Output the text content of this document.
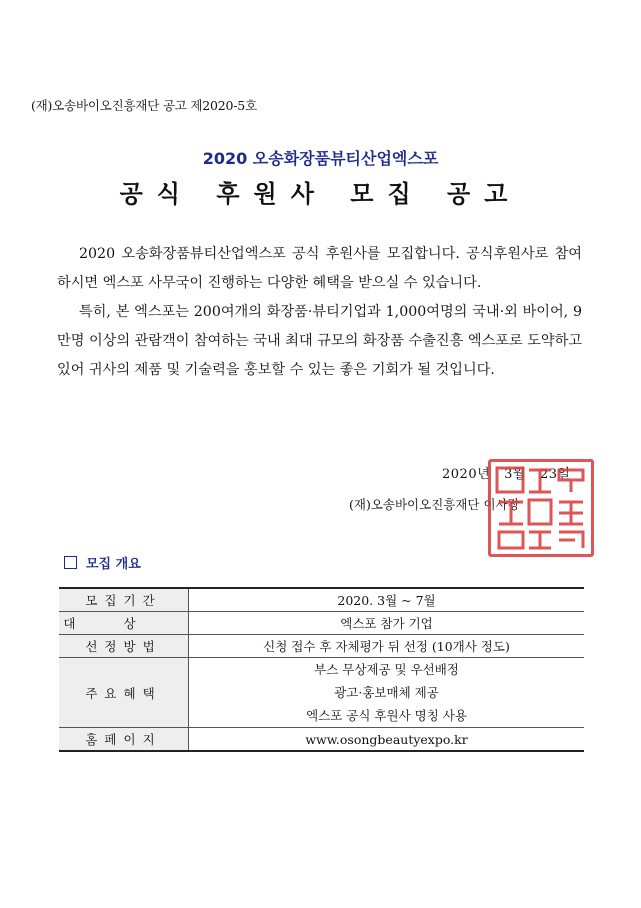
(재)오송바이오진흥재단 공고 제2020-5호
2020 오송화장품뷰티산업엑스포
공식 후원사 모집 공고

2020 오송화장품뷰티산업엑스포 공식 후원사를 모집합니다. 공식후원사로 참여하시면 엑스포 사무국이 진행하는 다양한 혜택을 받으실 수 있습니다.

특히, 본 엑스포는 200여개의 화장품·뷰티기업과 1,000여명의 국내·외 바이어, 9만명 이상의 관람객이 참여하는 국내 최대 규모의 화장품 수출진흥 엑스포로 도약하고 있어 귀사의 제품 및 기술력을 홍보할 수 있는 좋은 기회가 될 것입니다.

2020년 3월 23일
(재)오송바이오진흥재단 이사장
모집 개요
모집기간	2020. 3월 ~ 7월
대상	엑스포 참가 기업
선정방법	신청 접수 후 자체평가 뒤 선정 (10개사 정도)
주요혜택	부스 무상제공 및 우선배정
광고·홍보매체 제공
엑스포 공식 후원사 명칭 사용

홈페이지	www.osongbeautyexpo.kr
